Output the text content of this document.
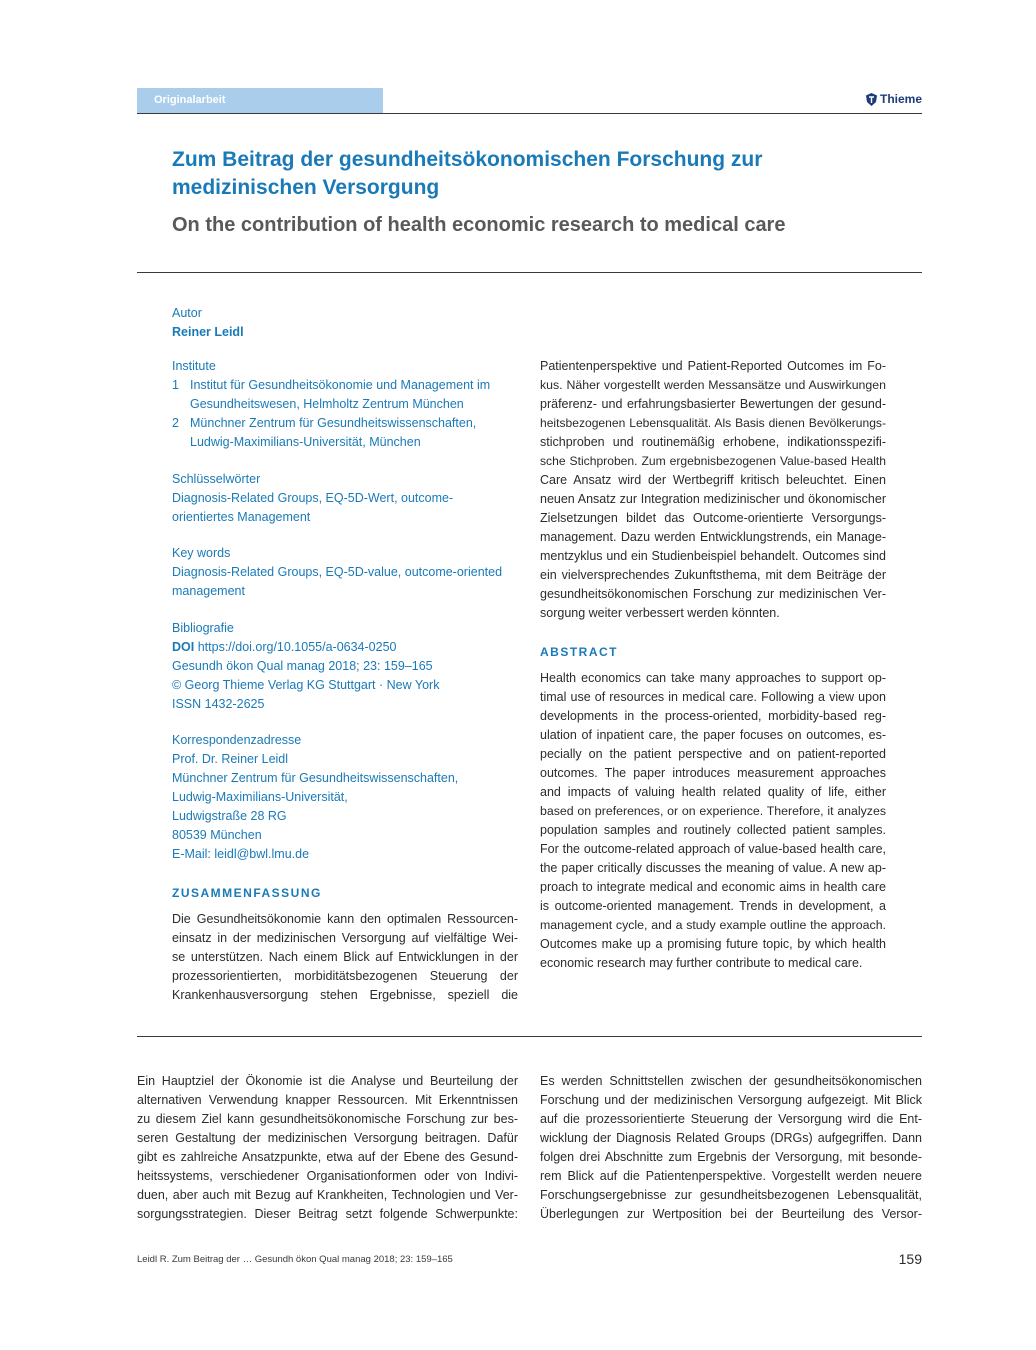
Originalarbeit	Thieme
Zum Beitrag der gesundheitsökonomischen Forschung zur
medizinischen Versorgung
On the contribution of health economic research to medical care
Autor
Reiner Leidl
Institute
1 Institut für Gesundheitsökonomie und Management im
Gesundheitswesen, Helmholtz Zentrum München
2 Münchner Zentrum für Gesundheitswissenschaften,
Ludwig-Maximilians-Universität, München
Schlüsselwörter
Diagnosis-Related Groups, EQ-5D-Wert, outcome-
orientiertes Management
Key words
Diagnosis-Related Groups, EQ-5D-value, outcome-oriented
management
Bibliografie
DOI https://doi.org/10.1055/a-0634-0250
Gesundh ökon Qual manag 2018; 23: 159–165
© Georg Thieme Verlag KG Stuttgart · New York
ISSN 1432-2625
Korrespondenzadresse
Prof. Dr. Reiner Leidl
Münchner Zentrum für Gesundheitswissenschaften,
Ludwig-Maximilians-Universität,
Ludwigstraße 28 RG
80539 München
E-Mail: leidl@bwl.lmu.de
ZUSAMMENFASSUNG
Die Gesundheitsökonomie kann den optimalen Ressourcen-
einsatz in der medizinischen Versorgung auf vielfältige Wei-
se unterstützen. Nach einem Blick auf Entwicklungen in der
prozessorientierten, morbiditätsbezogenen Steuerung der
Krankenhausversorgung stehen Ergebnisse, speziell die
Patientenperspektive und Patient-Reported Outcomes im Fo-
kus. Näher vorgestellt werden Messansätze und Auswirkungen
präferenz- und erfahrungsbasierter Bewertungen der gesund-
heitsbezogenen Lebensqualität. Als Basis dienen Bevölkerungs-
stichproben und routinemäßig erhobene, indikationsspezifi-
sche Stichproben. Zum ergebnisbezogenen Value-based Health
Care Ansatz wird der Wertbegriff kritisch beleuchtet. Einen
neuen Ansatz zur Integration medizinischer und ökonomischer
Zielsetzungen bildet das Outcome-orientierte Versorgungs-
management. Dazu werden Entwicklungstrends, ein Manage-
mentzyklus und ein Studienbeispiel behandelt. Outcomes sind
ein vielversprechendes Zukunftsthema, mit dem Beiträge der
gesundheitsökonomischen Forschung zur medizinischen Ver-
sorgung weiter verbessert werden könnten.
ABSTRACT
Health economics can take many approaches to support op-
timal use of resources in medical care. Following a view upon
developments in the process-oriented, morbidity-based reg-
ulation of inpatient care, the paper focuses on outcomes, es-
pecially on the patient perspective and on patient-reported
outcomes. The paper introduces measurement approaches
and impacts of valuing health related quality of life, either
based on preferences, or on experience. Therefore, it analyzes
population samples and routinely collected patient samples.
For the outcome-related approach of value-based health care,
the paper critically discusses the meaning of value. A new ap-
proach to integrate medical and economic aims in health care
is outcome-oriented management. Trends in development, a
management cycle, and a study example outline the approach.
Outcomes make up a promising future topic, by which health
economic research may further contribute to medical care.
Ein Hauptziel der Ökonomie ist die Analyse und Beurteilung der
alternativen Verwendung knapper Ressourcen. Mit Erkenntnissen
zu diesem Ziel kann gesundheitsökonomische Forschung zur bes-
seren Gestaltung der medizinischen Versorgung beitragen. Dafür
gibt es zahlreiche Ansatzpunkte, etwa auf der Ebene des Gesund-
heitssystems, verschiedener Organisationformen oder von Indivi-
duen, aber auch mit Bezug auf Krankheiten, Technologien und Ver-
sorgungsstrategien. Dieser Beitrag setzt folgende Schwerpunkte:
Es werden Schnittstellen zwischen der gesundheitsökonomischen
Forschung und der medizinischen Versorgung aufgezeigt. Mit Blick
auf die prozessorientierte Steuerung der Versorgung wird die Ent-
wicklung der Diagnosis Related Groups (DRGs) aufgegriffen. Dann
folgen drei Abschnitte zum Ergebnis der Versorgung, mit besonde-
rem Blick auf die Patientenperspektive. Vorgestellt werden neuere
Forschungsergebnisse zur gesundheitsbezogenen Lebensqualität,
Überlegungen zur Wertposition bei der Beurteilung des Versor-
Leidl R. Zum Beitrag der … Gesundh ökon Qual manag 2018; 23: 159–165	159
